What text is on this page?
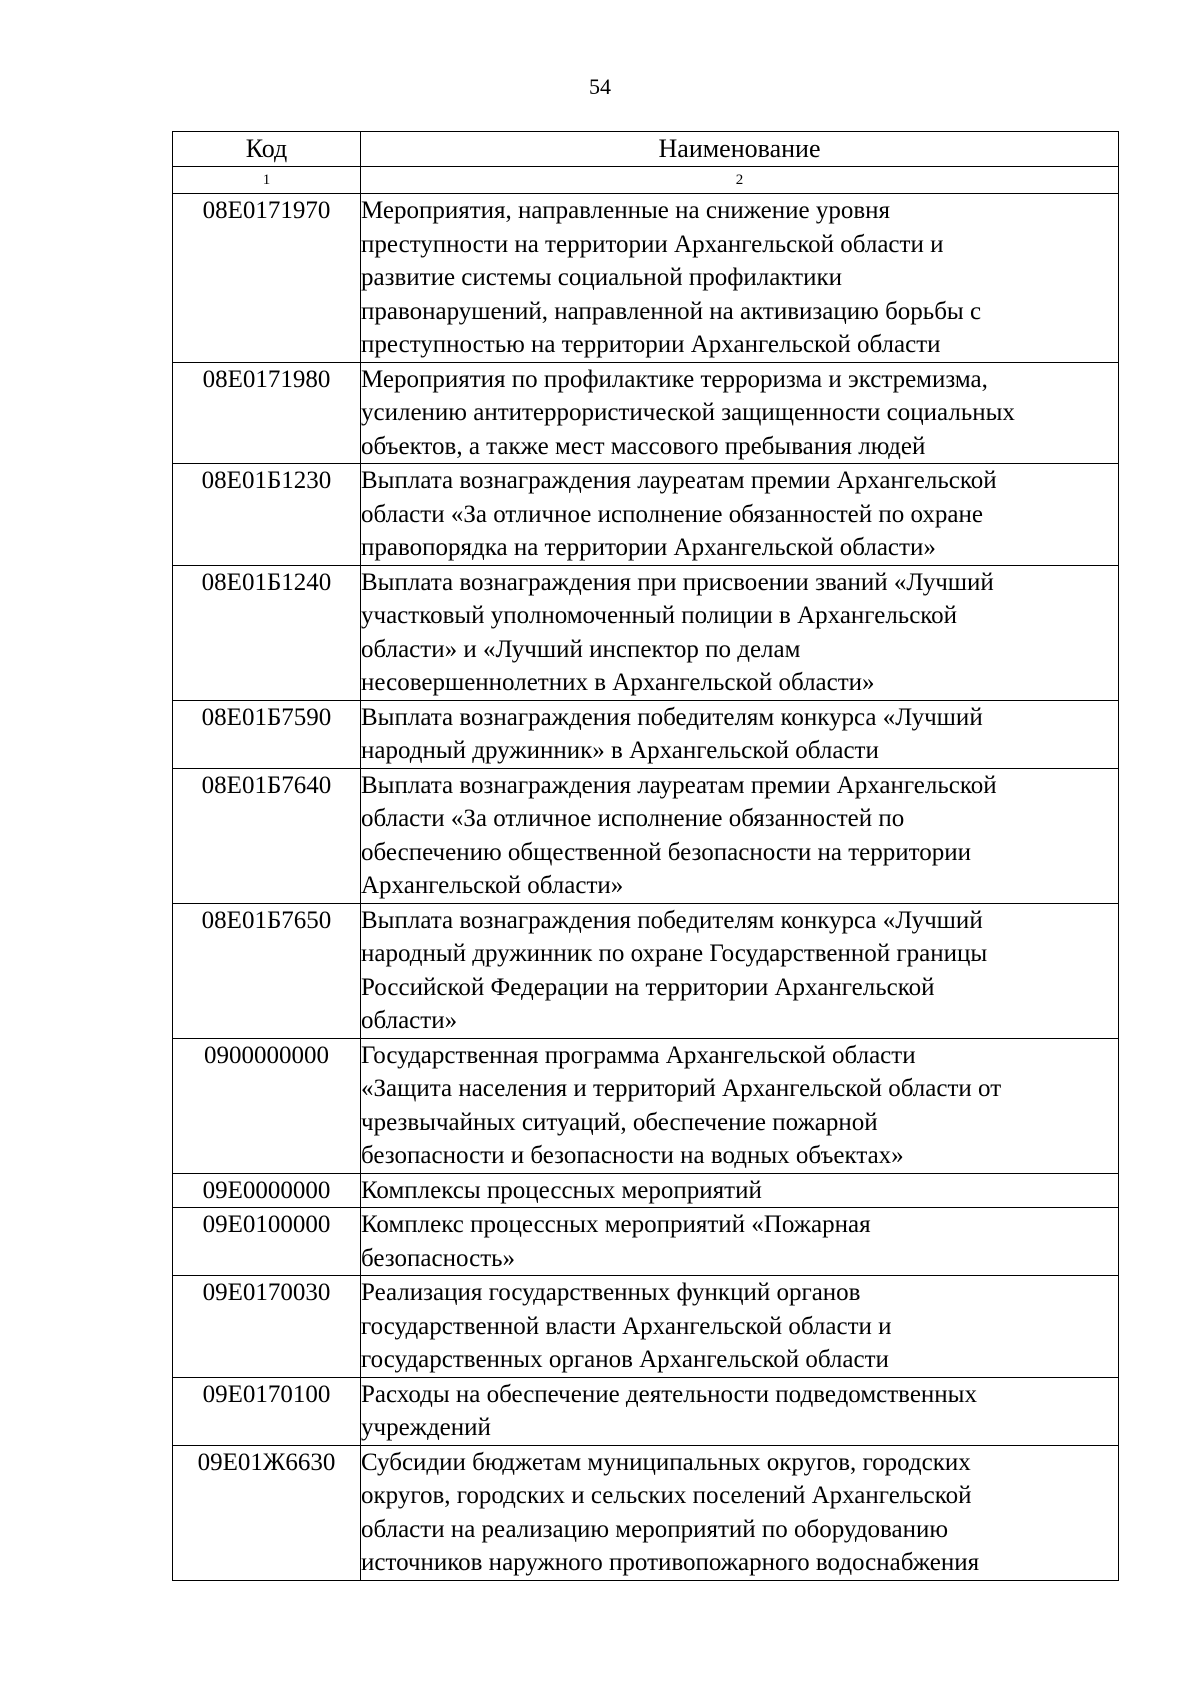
54
Код	Наименование
1	2
08Е0171970	Мероприятия, направленные на снижение уровня
преступности на территории Архангельской области и
развитие системы социальной профилактики
правонарушений, направленной на активизацию борьбы с
преступностью на территории Архангельской области

08Е0171980	Мероприятия по профилактике терроризма и экстремизма,
усилению антитеррористической защищенности социальных
объектов, а также мест массового пребывания людей

08Е01Б1230	Выплата вознаграждения лауреатам премии Архангельской
области «За отличное исполнение обязанностей по охране
правопорядка на территории Архангельской области»

08Е01Б1240	Выплата вознаграждения при присвоении званий «Лучший
участковый уполномоченный полиции в Архангельской
области» и «Лучший инспектор по делам
несовершеннолетних в Архангельской области»

08Е01Б7590	Выплата вознаграждения победителям конкурса «Лучший
народный дружинник» в Архангельской области

08Е01Б7640	Выплата вознаграждения лауреатам премии Архангельской
области «За отличное исполнение обязанностей по
обеспечению общественной безопасности на территории
Архангельской области»

08Е01Б7650	Выплата вознаграждения победителям конкурса «Лучший
народный дружинник по охране Государственной границы
Российской Федерации на территории Архангельской
области»

0900000000	Государственная программа Архангельской области
«Защита населения и территорий Архангельской области от
чрезвычайных ситуаций, обеспечение пожарной
безопасности и безопасности на водных объектах»

09Е0000000	Комплексы процессных мероприятий

09Е0100000	Комплекс процессных мероприятий «Пожарная
безопасность»

09Е0170030	Реализация государственных функций органов
государственной власти Архангельской области и
государственных органов Архангельской области

09Е0170100	Расходы на обеспечение деятельности подведомственных
учреждений

09Е01Ж6630	Субсидии бюджетам муниципальных округов, городских
округов, городских и сельских поселений Архангельской
области на реализацию мероприятий по оборудованию
источников наружного противопожарного водоснабжения
